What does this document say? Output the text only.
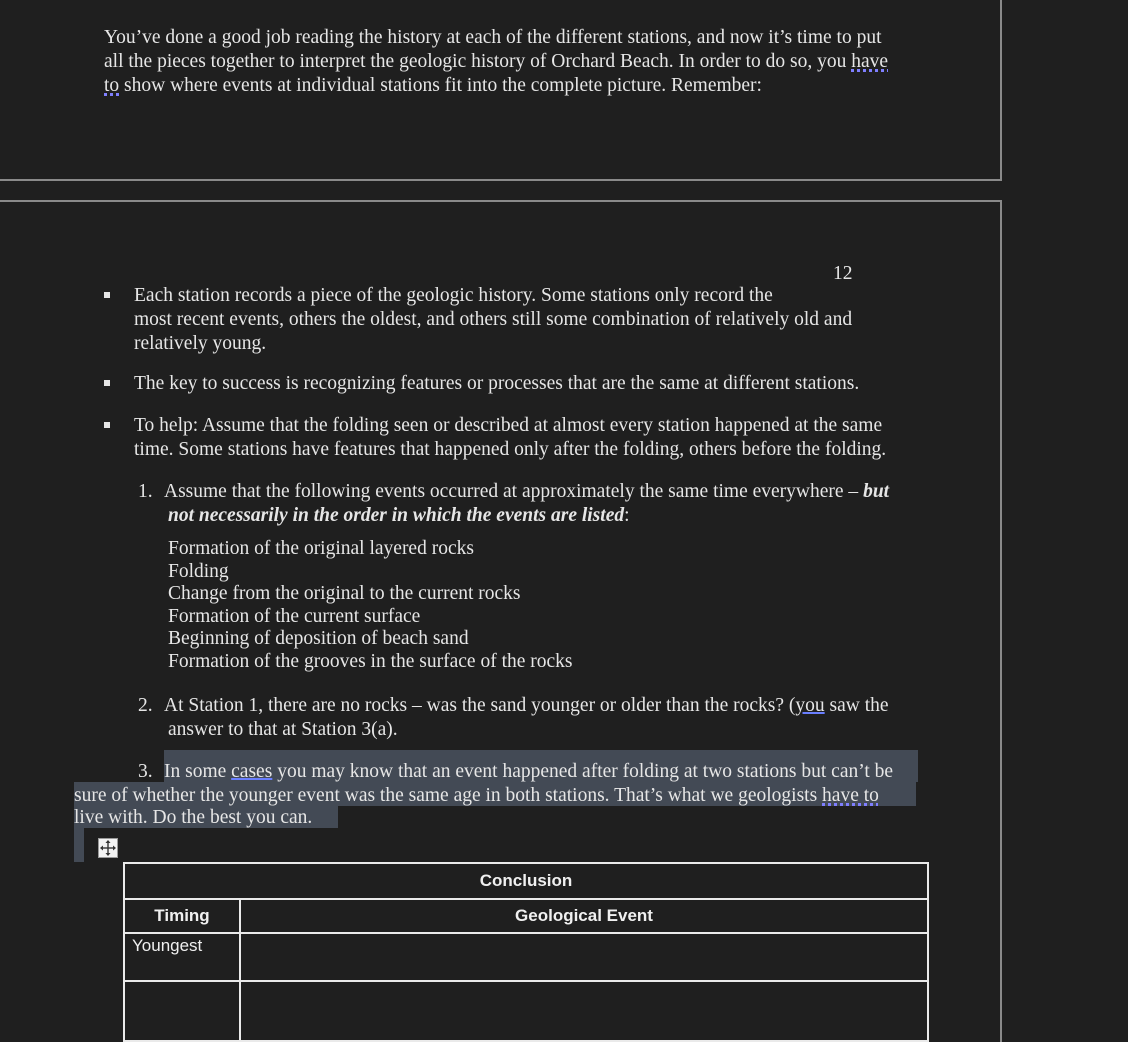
You’ve done a good job reading the history at each of the different stations, and now it’s time to put
all the pieces together to interpret the geologic history of Orchard Beach. In order to do so, you have
to show where events at individual stations fit into the complete picture. Remember:
12
Each station records a piece of the geologic history. Some stations only record the
most recent events, others the oldest, and others still some combination of relatively old and
relatively young.
The key to success is recognizing features or processes that are the same at different stations.
To help: Assume that the folding seen or described at almost every station happened at the same
time. Some stations have features that happened only after the folding, others before the folding.
1. Assume that the following events occurred at approximately the same time everywhere – but
not necessarily in the order in which the events are listed:
Formation of the original layered rocks
Folding
Change from the original to the current rocks
Formation of the current surface
Beginning of deposition of beach sand
Formation of the grooves in the surface of the rocks
2. At Station 1, there are no rocks – was the sand younger or older than the rocks? (you saw the
answer to that at Station 3(a).
3. In some cases you may know that an event happened after folding at two stations but can’t be
sure of whether the younger event was the same age in both stations. That’s what we geologists have to
live with. Do the best you can.
Conclusion	
Timing	Geological Event
Youngest	
